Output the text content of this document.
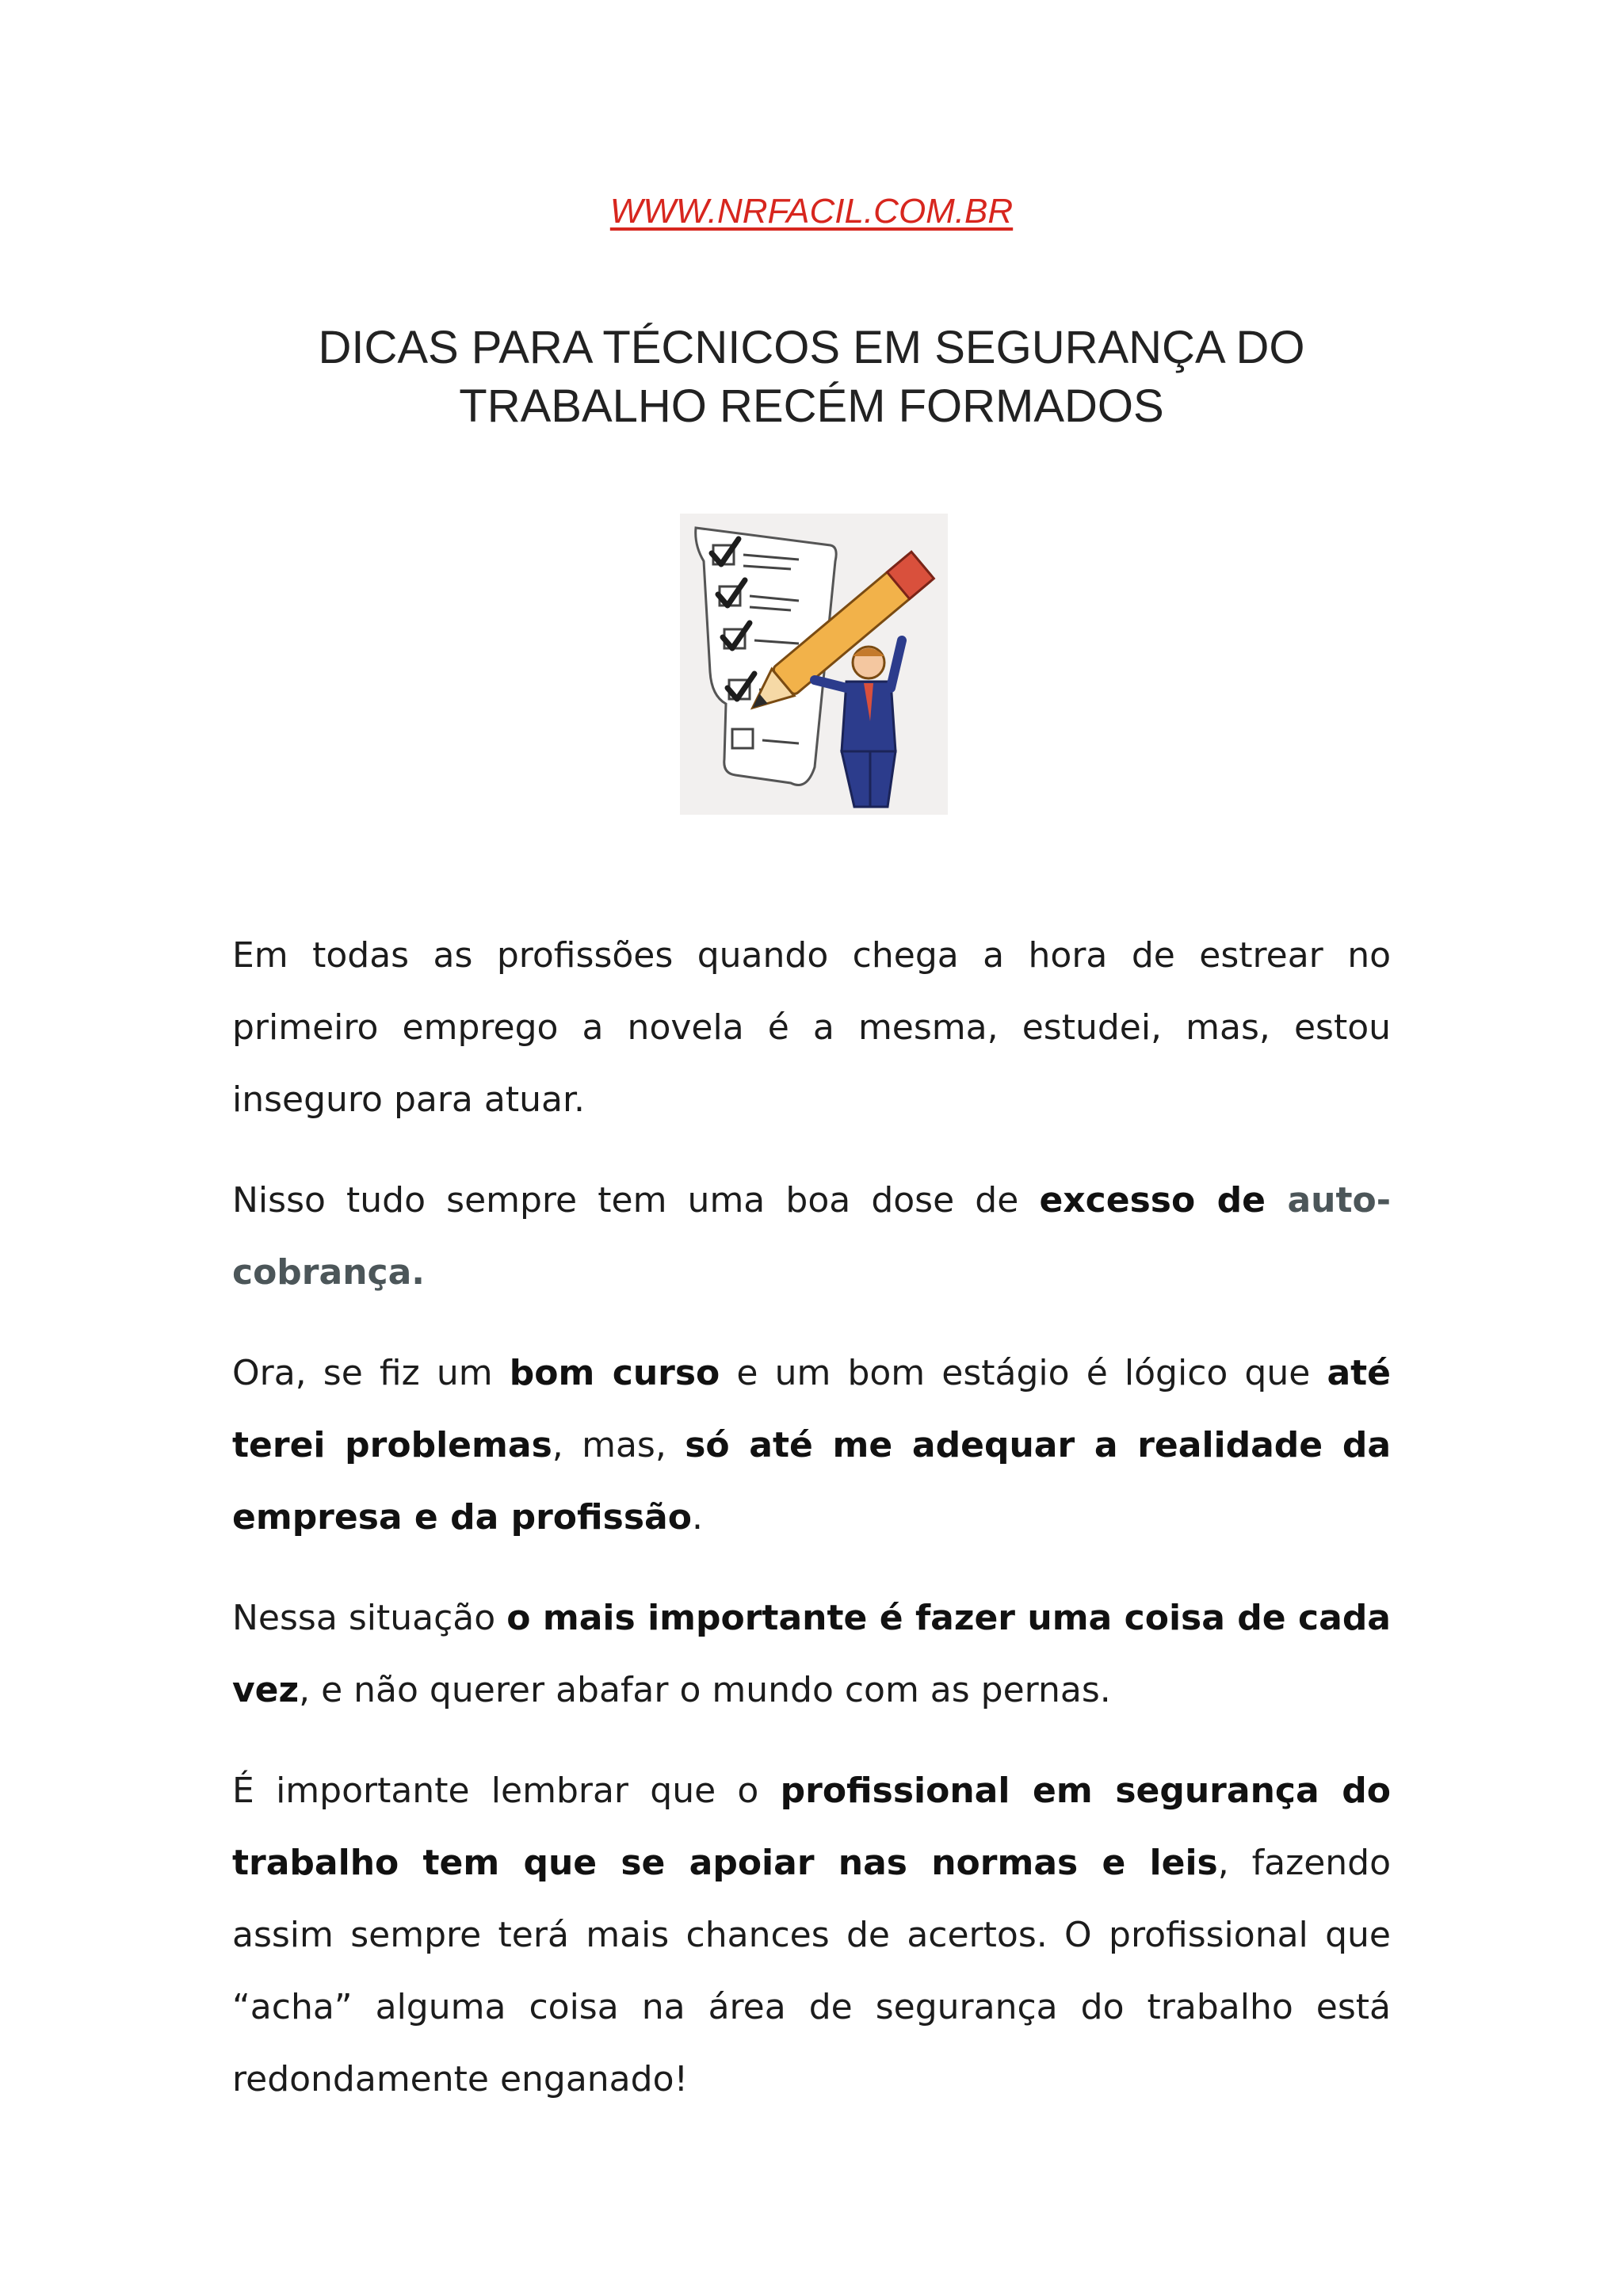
WWW.NRFACIL.COM.BR
DICAS PARA TÉCNICOS EM SEGURANÇA DO
TRABALHO RECÉM FORMADOS

Em todas as profissões quando chega a hora de estrear no primeiro emprego a novela é a mesma, estudei, mas, estou inseguro para atuar.

Nisso tudo sempre tem uma boa dose de excesso de auto-cobrança.

Ora, se fiz um bom curso e um bom estágio é lógico que até terei problemas, mas, só até me adequar a realidade da empresa e da profissão.

Nessa situação o mais importante é fazer uma coisa de cada vez, e não querer abafar o mundo com as pernas.

É importante lembrar que o profissional em segurança do trabalho tem que se apoiar nas normas e leis, fazendo assim sempre terá mais chances de acertos. O profissional que “acha” alguma coisa na área de segurança do trabalho está redondamente enganado!
